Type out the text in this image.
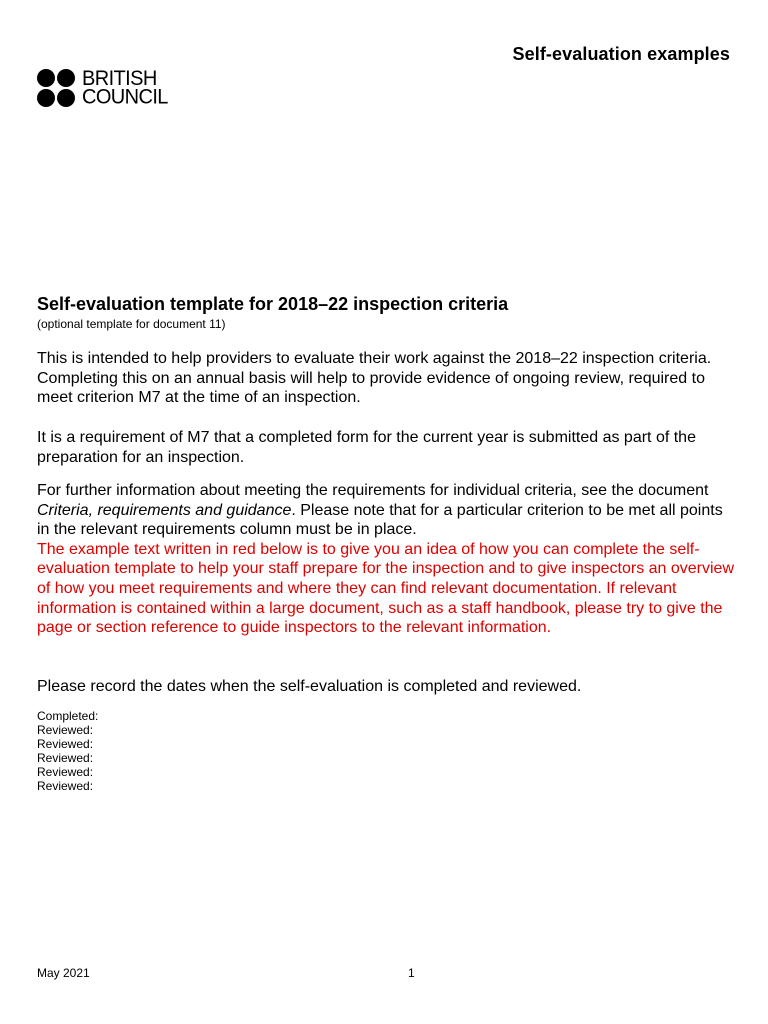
Self-evaluation examples
BRITISH
COUNCIL
Self-evaluation template for 2018–22 inspection criteria
(optional template for document 11)

This is intended to help providers to evaluate their work against the 2018–22 inspection criteria. Completing this on an annual basis will help to provide evidence of ongoing review, required to meet criterion M7 at the time of an inspection.

It is a requirement of M7 that a completed form for the current year is submitted as part of the preparation for an inspection.

For further information about meeting the requirements for individual criteria, see the document Criteria, requirements and guidance. Please note that for a particular criterion to be met all points in the relevant requirements column must be in place.
The example text written in red below is to give you an idea of how you can complete the self-evaluation template to help your staff prepare for the inspection and to give inspectors an overview of how you meet requirements and where they can find relevant documentation. If relevant information is contained within a large document, such as a staff handbook, please try to give the page or section reference to guide inspectors to the relevant information.

Please record the dates when the self-evaluation is completed and reviewed.

Completed:
Reviewed:
Reviewed:
Reviewed:
Reviewed:
Reviewed:
May 2021	1
